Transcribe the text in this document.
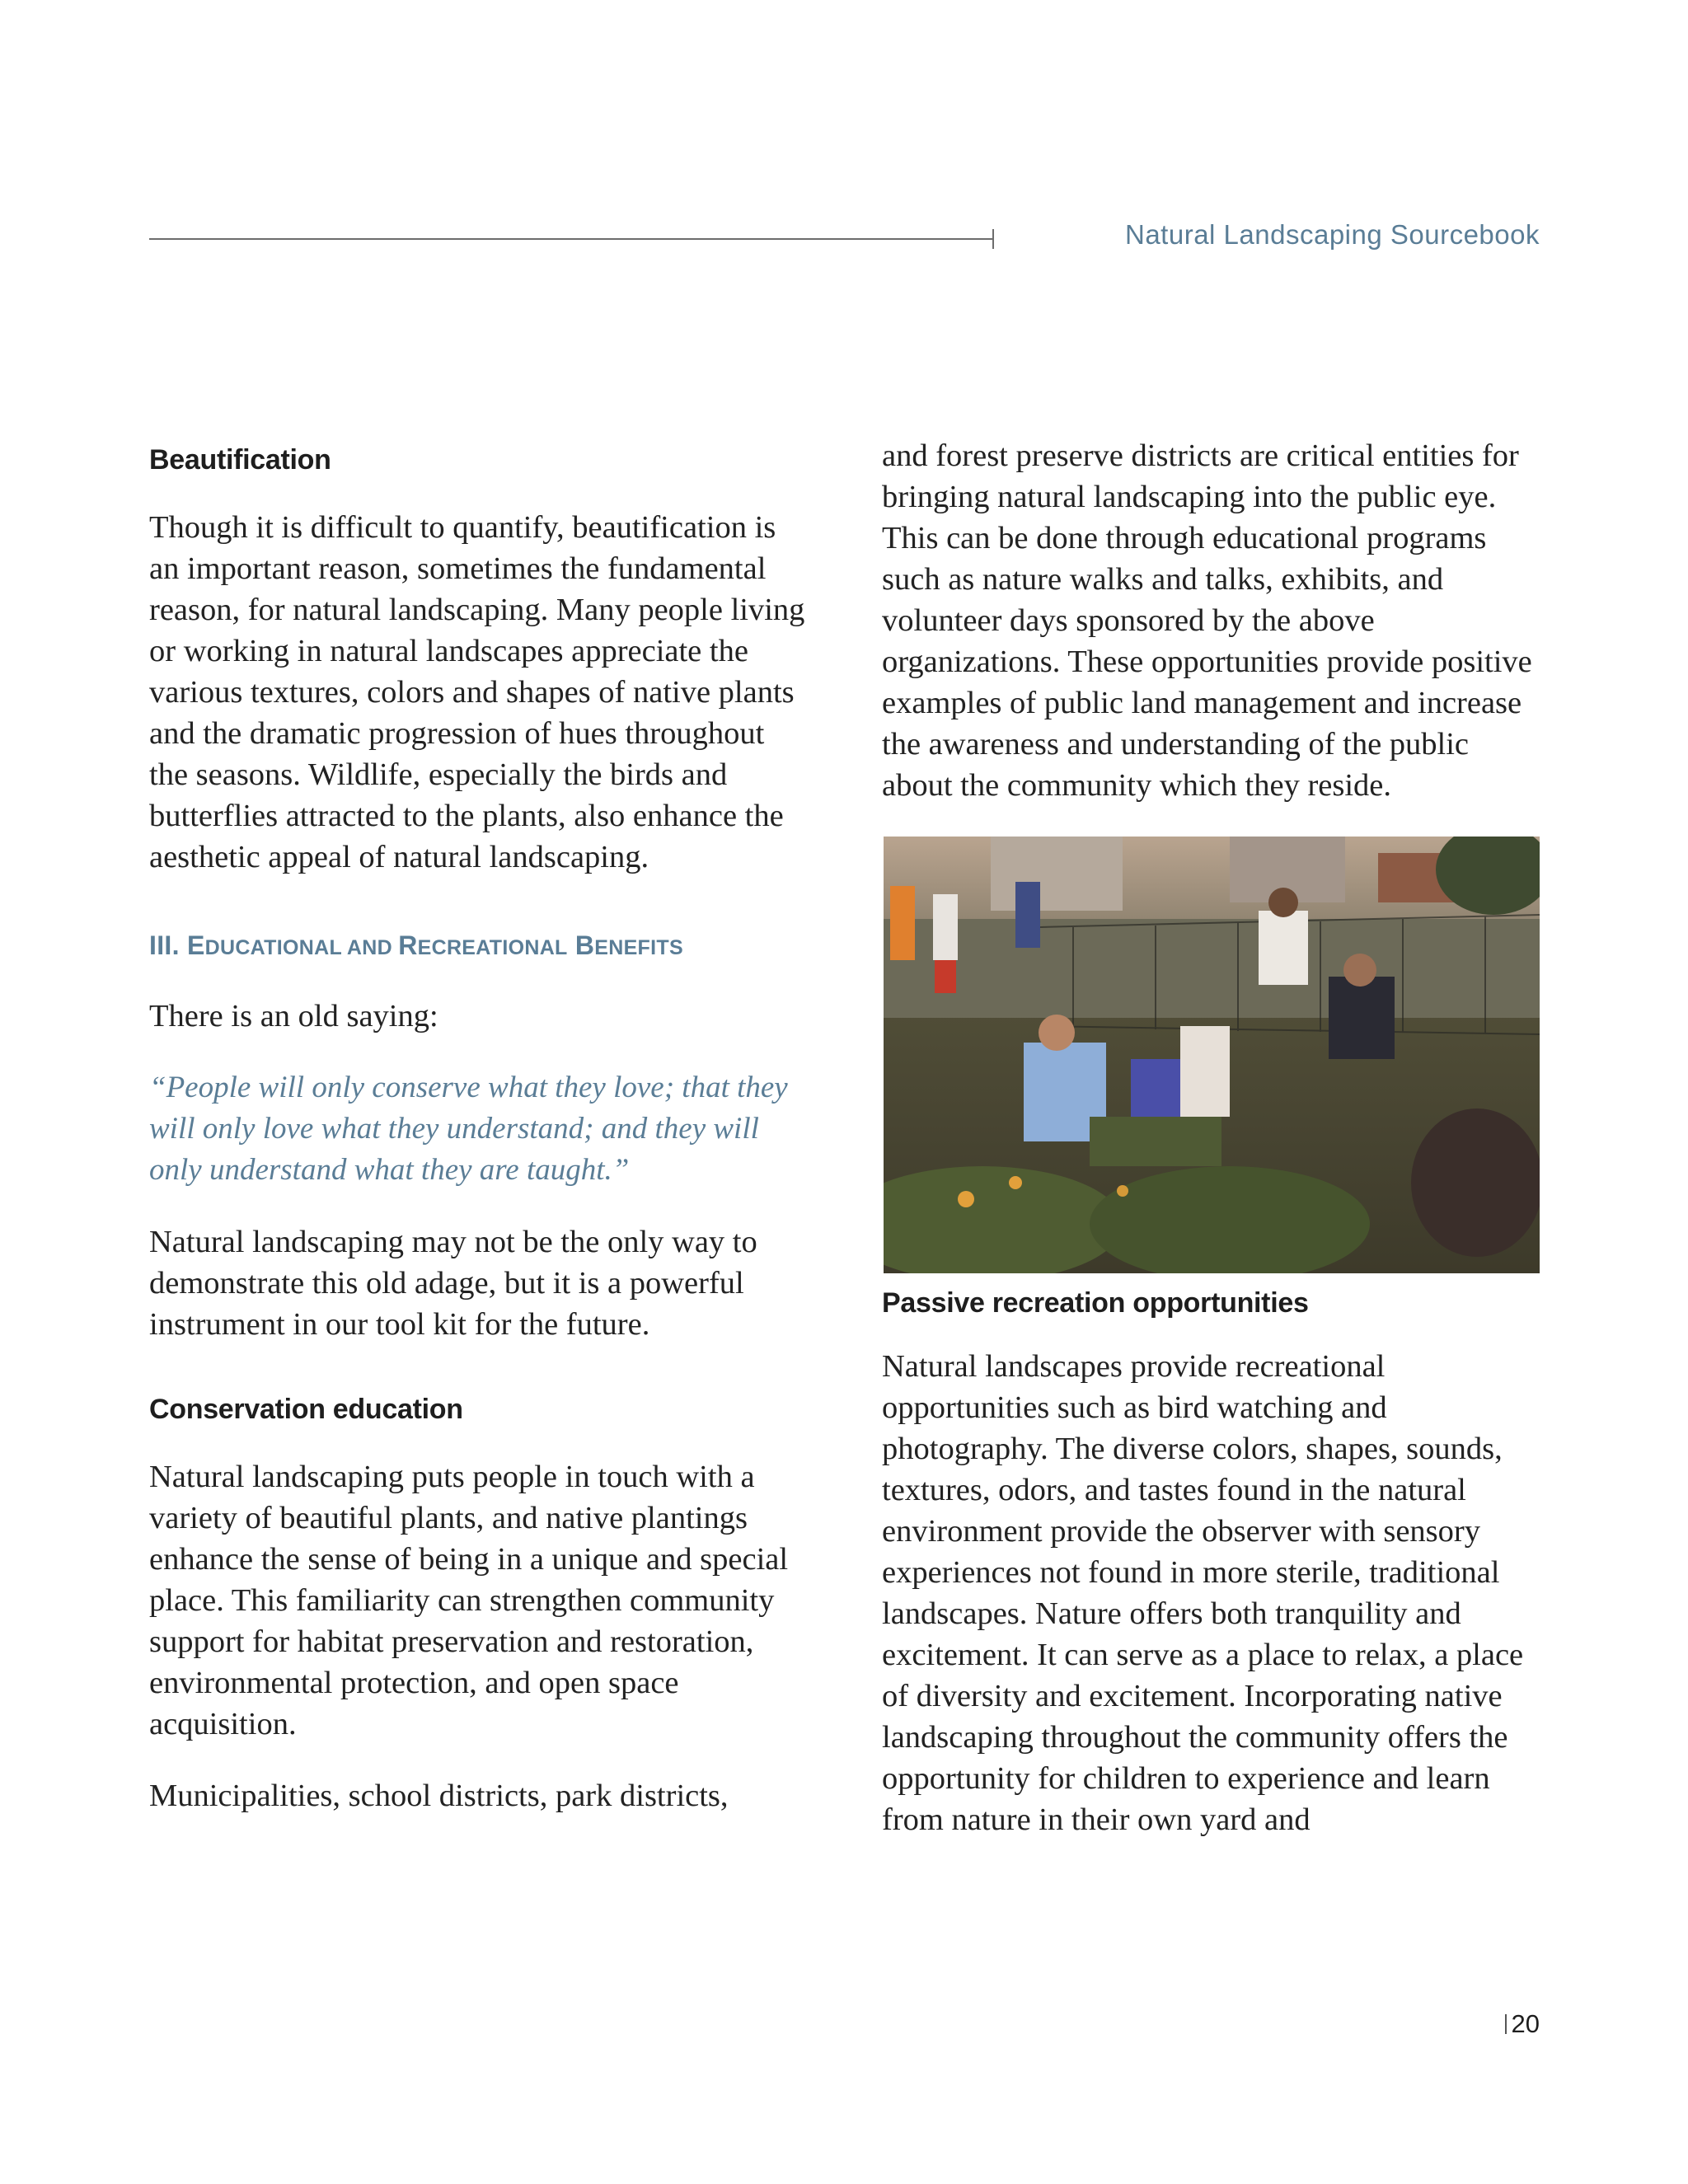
Natural Landscaping Sourcebook
Beautification

Though it is difficult to quantify, beautification is an important reason, sometimes the fundamental reason, for natural landscaping. Many people living or working in natural landscapes appreciate the various textures, colors and shapes of native plants and the dramatic progression of hues throughout the seasons. Wildlife, especially the birds and butterflies attracted to the plants, also enhance the aesthetic appeal of natural landscaping.

III. EDUCATIONAL AND RECREATIONAL BENEFITS

There is an old saying:

“People will only conserve what they love; that they will only love what they understand; and they will only understand what they are taught.”

Natural landscaping may not be the only way to demonstrate this old adage, but it is a powerful instrument in our tool kit for the future.

Conservation education

Natural landscaping puts people in touch with a variety of beautiful plants, and native plantings enhance the sense of being in a unique and special place. This familiarity can strengthen community support for habitat preservation and restoration, environmental protection, and open space acquisition.

Municipalities, school districts, park districts,

and forest preserve districts are critical entities for bringing natural landscaping into the public eye. This can be done through educational programs such as nature walks and talks, exhibits, and volunteer days sponsored by the above organizations. These opportunities provide positive examples of public land management and increase the awareness and understanding of the public about the community which they reside.

Passive recreation opportunities

Natural landscapes provide recreational opportunities such as bird watching and photography. The diverse colors, shapes, sounds, textures, odors, and tastes found in the natural environment provide the observer with sensory experiences not found in more sterile, traditional landscapes. Nature offers both tranquility and excitement. It can serve as a place to relax, a place of diversity and excitement. Incorporating native landscaping throughout the community offers the opportunity for children to experience and learn from nature in their own yard and

20
